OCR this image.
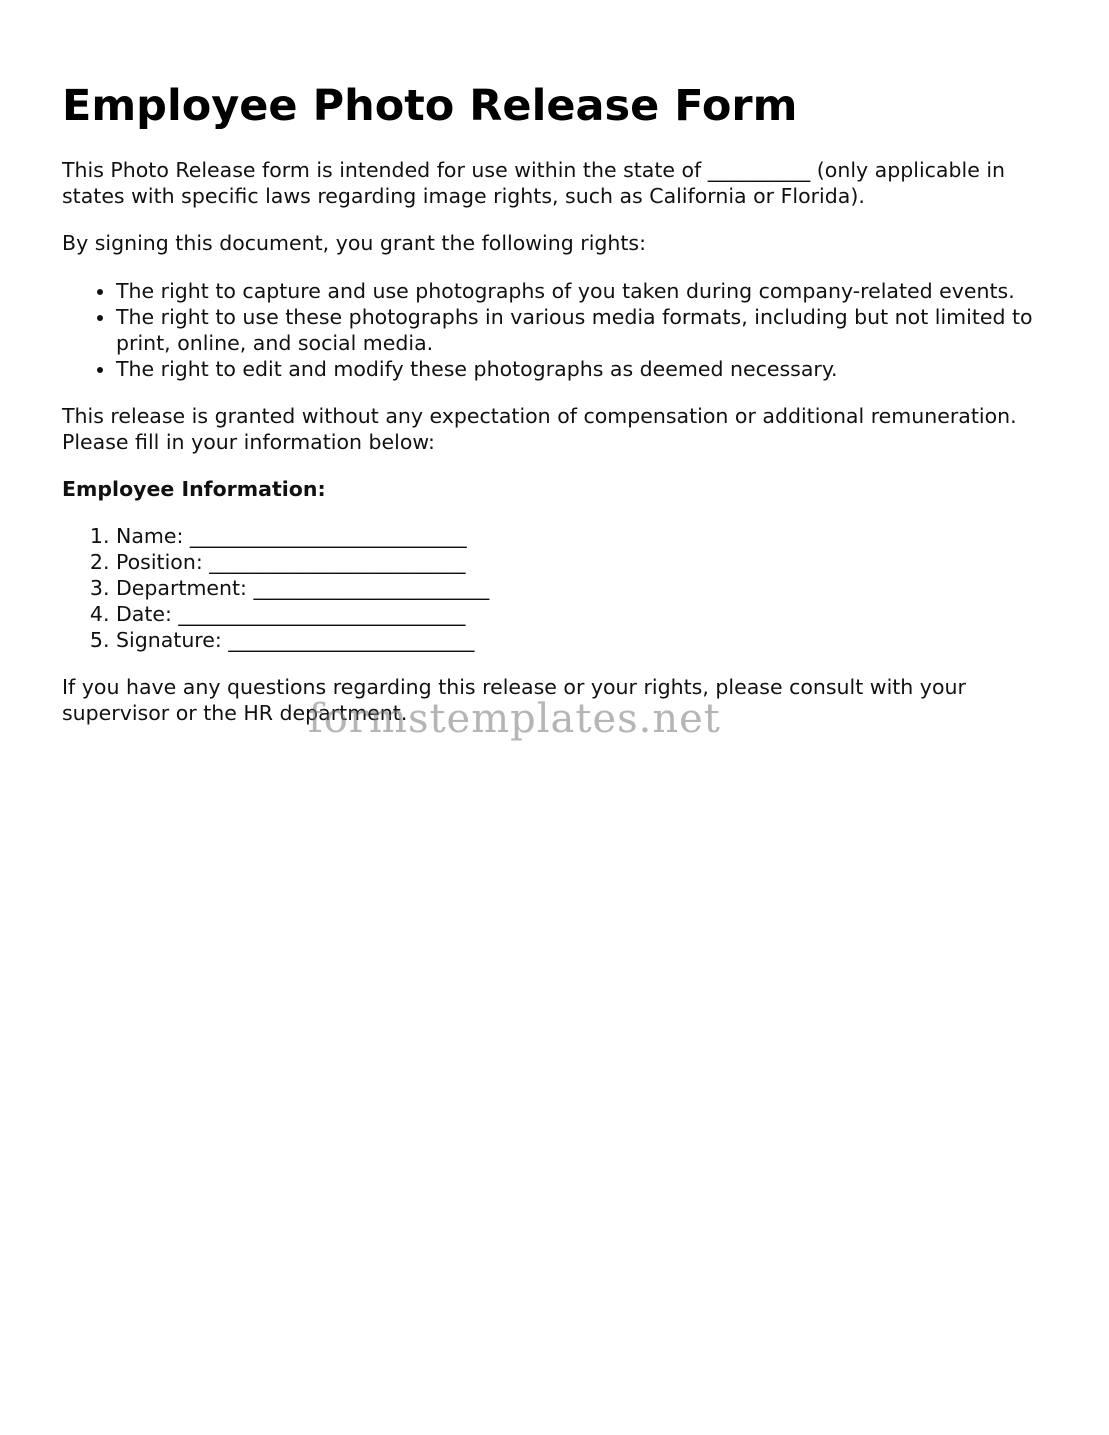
Employee Photo Release Form

This Photo Release form is intended for use within the state of __________ (only applicable in states with specific laws regarding image rights, such as California or Florida).

By signing this document, you grant the following rights:

• The right to capture and use photographs of you taken during company-related events.
• The right to use these photographs in various media formats, including but not limited to print, online, and social media.
• The right to edit and modify these photographs as deemed necessary.

This release is granted without any expectation of compensation or additional remuneration. Please fill in your information below:

Employee Information:

1. Name: ___________________________
2. Position: _________________________
3. Department: _______________________
4. Date: ____________________________
5. Signature: ________________________

If you have any questions regarding this release or your rights, please consult with your supervisor or the HR department.

formstemplates.net
